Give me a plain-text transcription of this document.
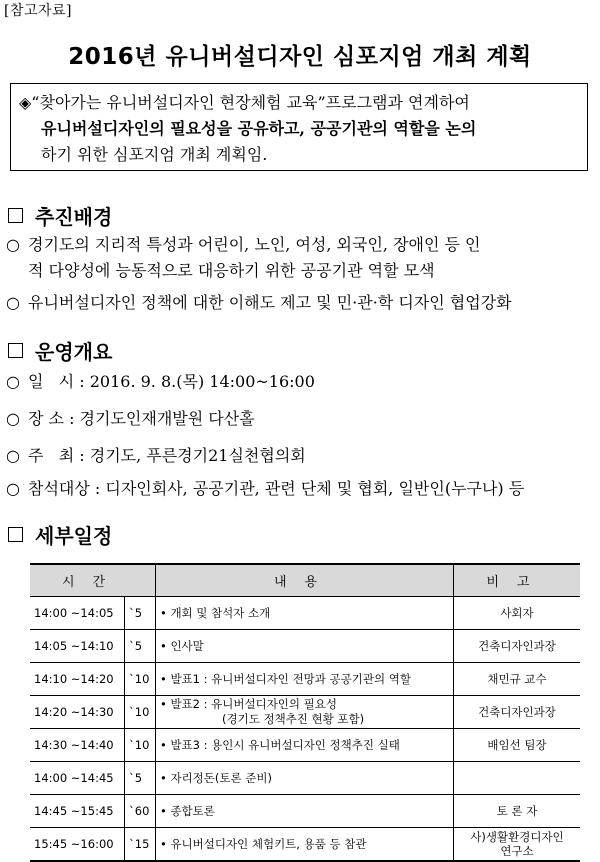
[참고자료]
2016년 유니버설디자인 심포지엄 개최 계획
◈“찾아가는 유니버설디자인 현장체험 교육”프로그램과 연계하여
유니버설디자인의 필요성을 공유하고, 공공기관의 역할을 논의
하기 위한 심포지엄 개최 계획임.
추진배경
○ 경기도의 지리적 특성과 어린이, 노인, 여성, 외국인, 장애인 등 인
적 다양성에 능동적으로 대응하기 위한 공공기관 역할 모색
○ 유니버설디자인 정책에 대한 이해도 제고 및 민·관·학 디자인 협업강화
운영개요
○ 일   시 : 2016. 9. 8.(목) 14:00~16:00
○ 장 소 : 경기도인재개발원 다산홀
○ 주   최 : 경기도, 푸른경기21실천협의회
○ 참석대상 : 디자인회사, 공공기관, 관련 단체 및 협회, 일반인(누구나) 등
세부일정
시간		내용	비고
14:00 ~14:05	`5	• 개회 및 참석자 소개	사회자
14:05 ~14:10	`5	• 인사말	건축디자인과장
14:10 ~14:20	`10	• 발표1 : 유니버설디자인 전망과 공공기관의 역할	채민규 교수
14:20 ~14:30	`10	• 발표2 : 유니버설디자인의 필요성
(경기도 정책추진 현황 포함)	건축디자인과장
14:30 ~14:40	`10	• 발표3 : 용인시 유니버설디자인 정책추진 실태	배임선 팀장
14:00 ~14:45	`5	• 자리정돈(토론 준비)	
14:45 ~15:45	`60	• 종합토론	토 론 자
15:45 ~16:00	`15	• 유니버설디자인 체험키트, 용품 등 참관	사)생활환경디자인
연구소
